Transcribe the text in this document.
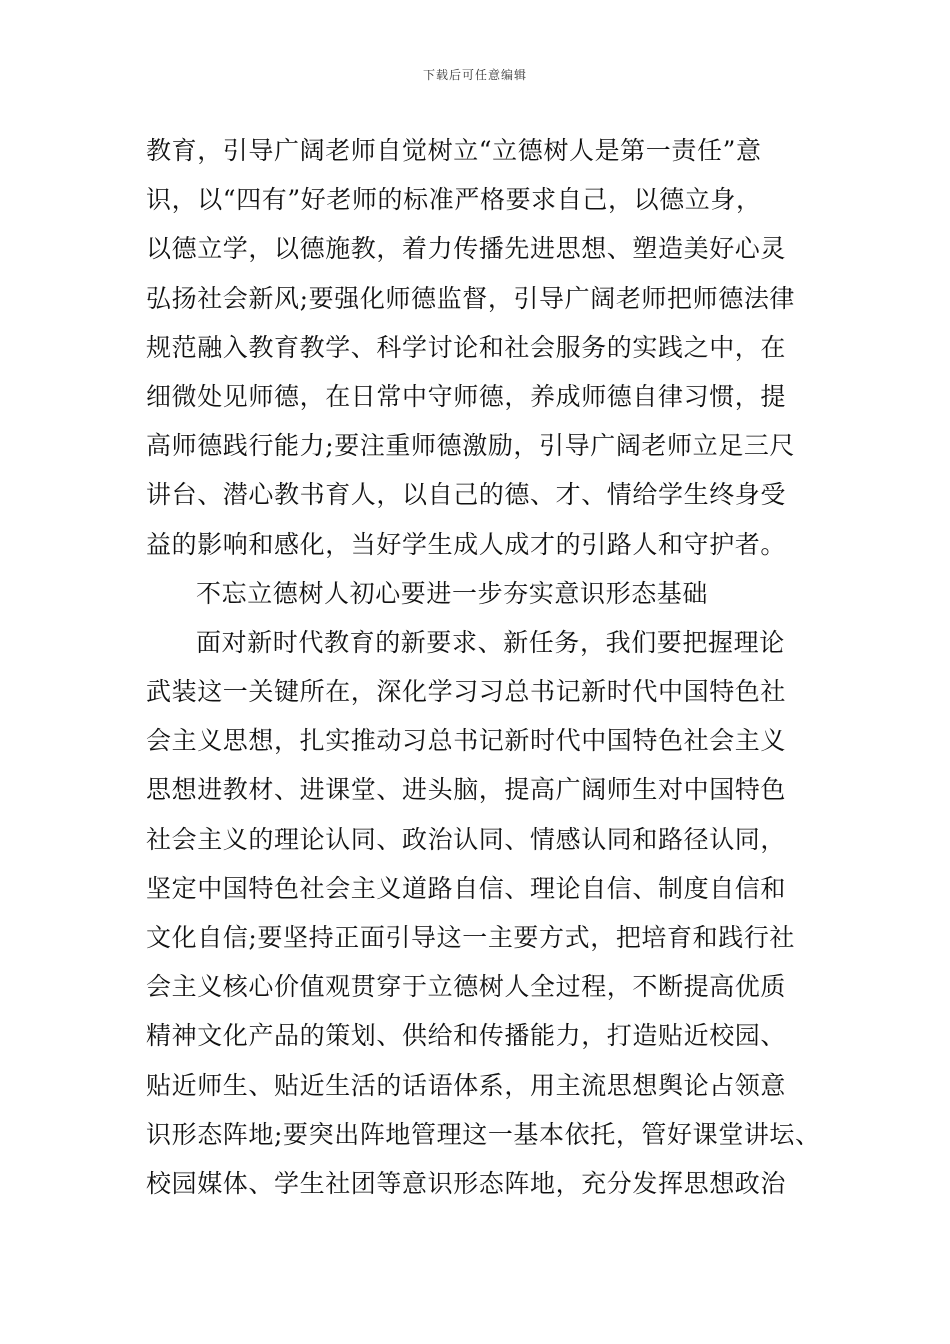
下载后可任意编辑
教育，引导广阔老师自觉树立“立德树人是第一责任”意
识，以“四有”好老师的标准严格要求自己，以德立身，
以德立学，以德施教，着力传播先进思想、塑造美好心灵
弘扬社会新风;要强化师德监督，引导广阔老师把师德法律
规范融入教育教学、科学讨论和社会服务的实践之中，在
细微处见师德，在日常中守师德，养成师德自律习惯，提
高师德践行能力;要注重师德激励，引导广阔老师立足三尺
讲台、潜心教书育人，以自己的德、才、情给学生终身受
益的影响和感化，当好学生成人成才的引路人和守护者。
不忘立德树人初心要进一步夯实意识形态基础
面对新时代教育的新要求、新任务，我们要把握理论
武装这一关键所在，深化学习习总书记新时代中国特色社
会主义思想，扎实推动习总书记新时代中国特色社会主义
思想进教材、进课堂、进头脑，提高广阔师生对中国特色
社会主义的理论认同、政治认同、情感认同和路径认同，
坚定中国特色社会主义道路自信、理论自信、制度自信和
文化自信;要坚持正面引导这一主要方式，把培育和践行社
会主义核心价值观贯穿于立德树人全过程，不断提高优质
精神文化产品的策划、供给和传播能力，打造贴近校园、
贴近师生、贴近生活的话语体系，用主流思想舆论占领意
识形态阵地;要突出阵地管理这一基本依托，管好课堂讲坛、
校园媒体、学生社团等意识形态阵地，充分发挥思想政治
